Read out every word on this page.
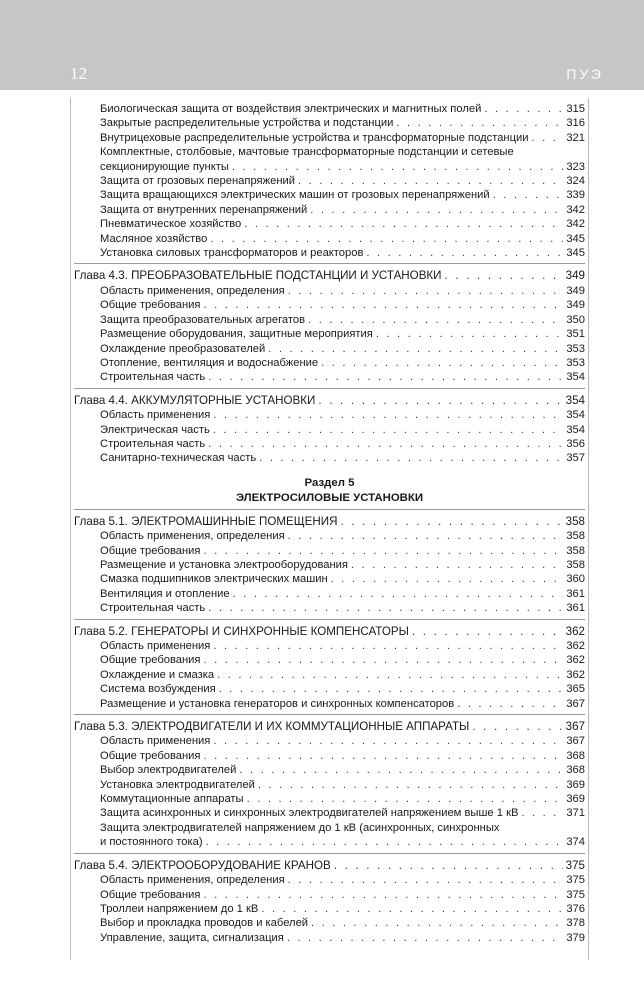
12	ПУЭ
Биологическая защита от воздействия электрических и магнитных полей . . .	315
Закрытые распределительные устройства и подстанции . . .	316
Внутрицеховые распределительные устройства и трансформаторные подстанции . . .	321
Комплектные, столбовые, мачтовые трансформаторные подстанции и сетевые
секционирующие пункты . . .	323
Защита от грозовых перенапряжений . . .	324
Защита вращающихся электрических машин от грозовых перенапряжений . . .	339
Защита от внутренних перенапряжений . . .	342
Пневматическое хозяйство . . .	342
Масляное хозяйство . . .	345
Установка силовых трансформаторов и реакторов . . .	345
Глава 4.3. ПРЕОБРАЗОВАТЕЛЬНЫЕ ПОДСТАНЦИИ И УСТАНОВКИ . . .	349
Область применения, определения . . .	349
Общие требования . . .	349
Защита преобразовательных агрегатов . . .	350
Размещение оборудования, защитные мероприятия . . .	351
Охлаждение преобразователей . . .	353
Отопление, вентиляция и водоснабжение . . .	353
Строительная часть . . .	354
Глава 4.4. АККУМУЛЯТОРНЫЕ УСТАНОВКИ . . .	354
Область применения . . .	354
Электрическая часть . . .	354
Строительная часть . . .	356
Санитарно-техническая часть . . .	357
Раздел 5
ЭЛЕКТРОСИЛОВЫЕ УСТАНОВКИ
Глава 5.1. ЭЛЕКТРОМАШИННЫЕ ПОМЕЩЕНИЯ . . .	358
Область применения, определения . . .	358
Общие требования . . .	358
Размещение и установка электрооборудования . . .	358
Смазка подшипников электрических машин . . .	360
Вентиляция и отопление . . .	361
Строительная часть . . .	361
Глава 5.2. ГЕНЕРАТОРЫ И СИНХРОННЫЕ КОМПЕНСАТОРЫ . . .	362
Область применения . . .	362
Общие требования . . .	362
Охлаждение и смазка . . .	362
Система возбуждения . . .	365
Размещение и установка генераторов и синхронных компенсаторов . . .	367
Глава 5.3. ЭЛЕКТРОДВИГАТЕЛИ И ИХ КОММУТАЦИОННЫЕ АППАРАТЫ . . .	367
Область применения . . .	367
Общие требования . . .	368
Выбор электродвигателей . . .	368
Установка электродвигателей . . .	369
Коммутационные аппараты . . .	369
Защита асинхронных и синхронных электродвигателей напряжением выше 1 кВ . . .	371
Защита электродвигателей напряжением до 1 кВ (асинхронных, синхронных
и постоянного тока) . . .	374
Глава 5.4. ЭЛЕКТРООБОРУДОВАНИЕ КРАНОВ . . .	375
Область применения, определения . . .	375
Общие требования . . .	375
Троллеи напряжением до 1 кВ . . .	376
Выбор и прокладка проводов и кабелей . . .	378
Управление, защита, сигнализация . . .	379
